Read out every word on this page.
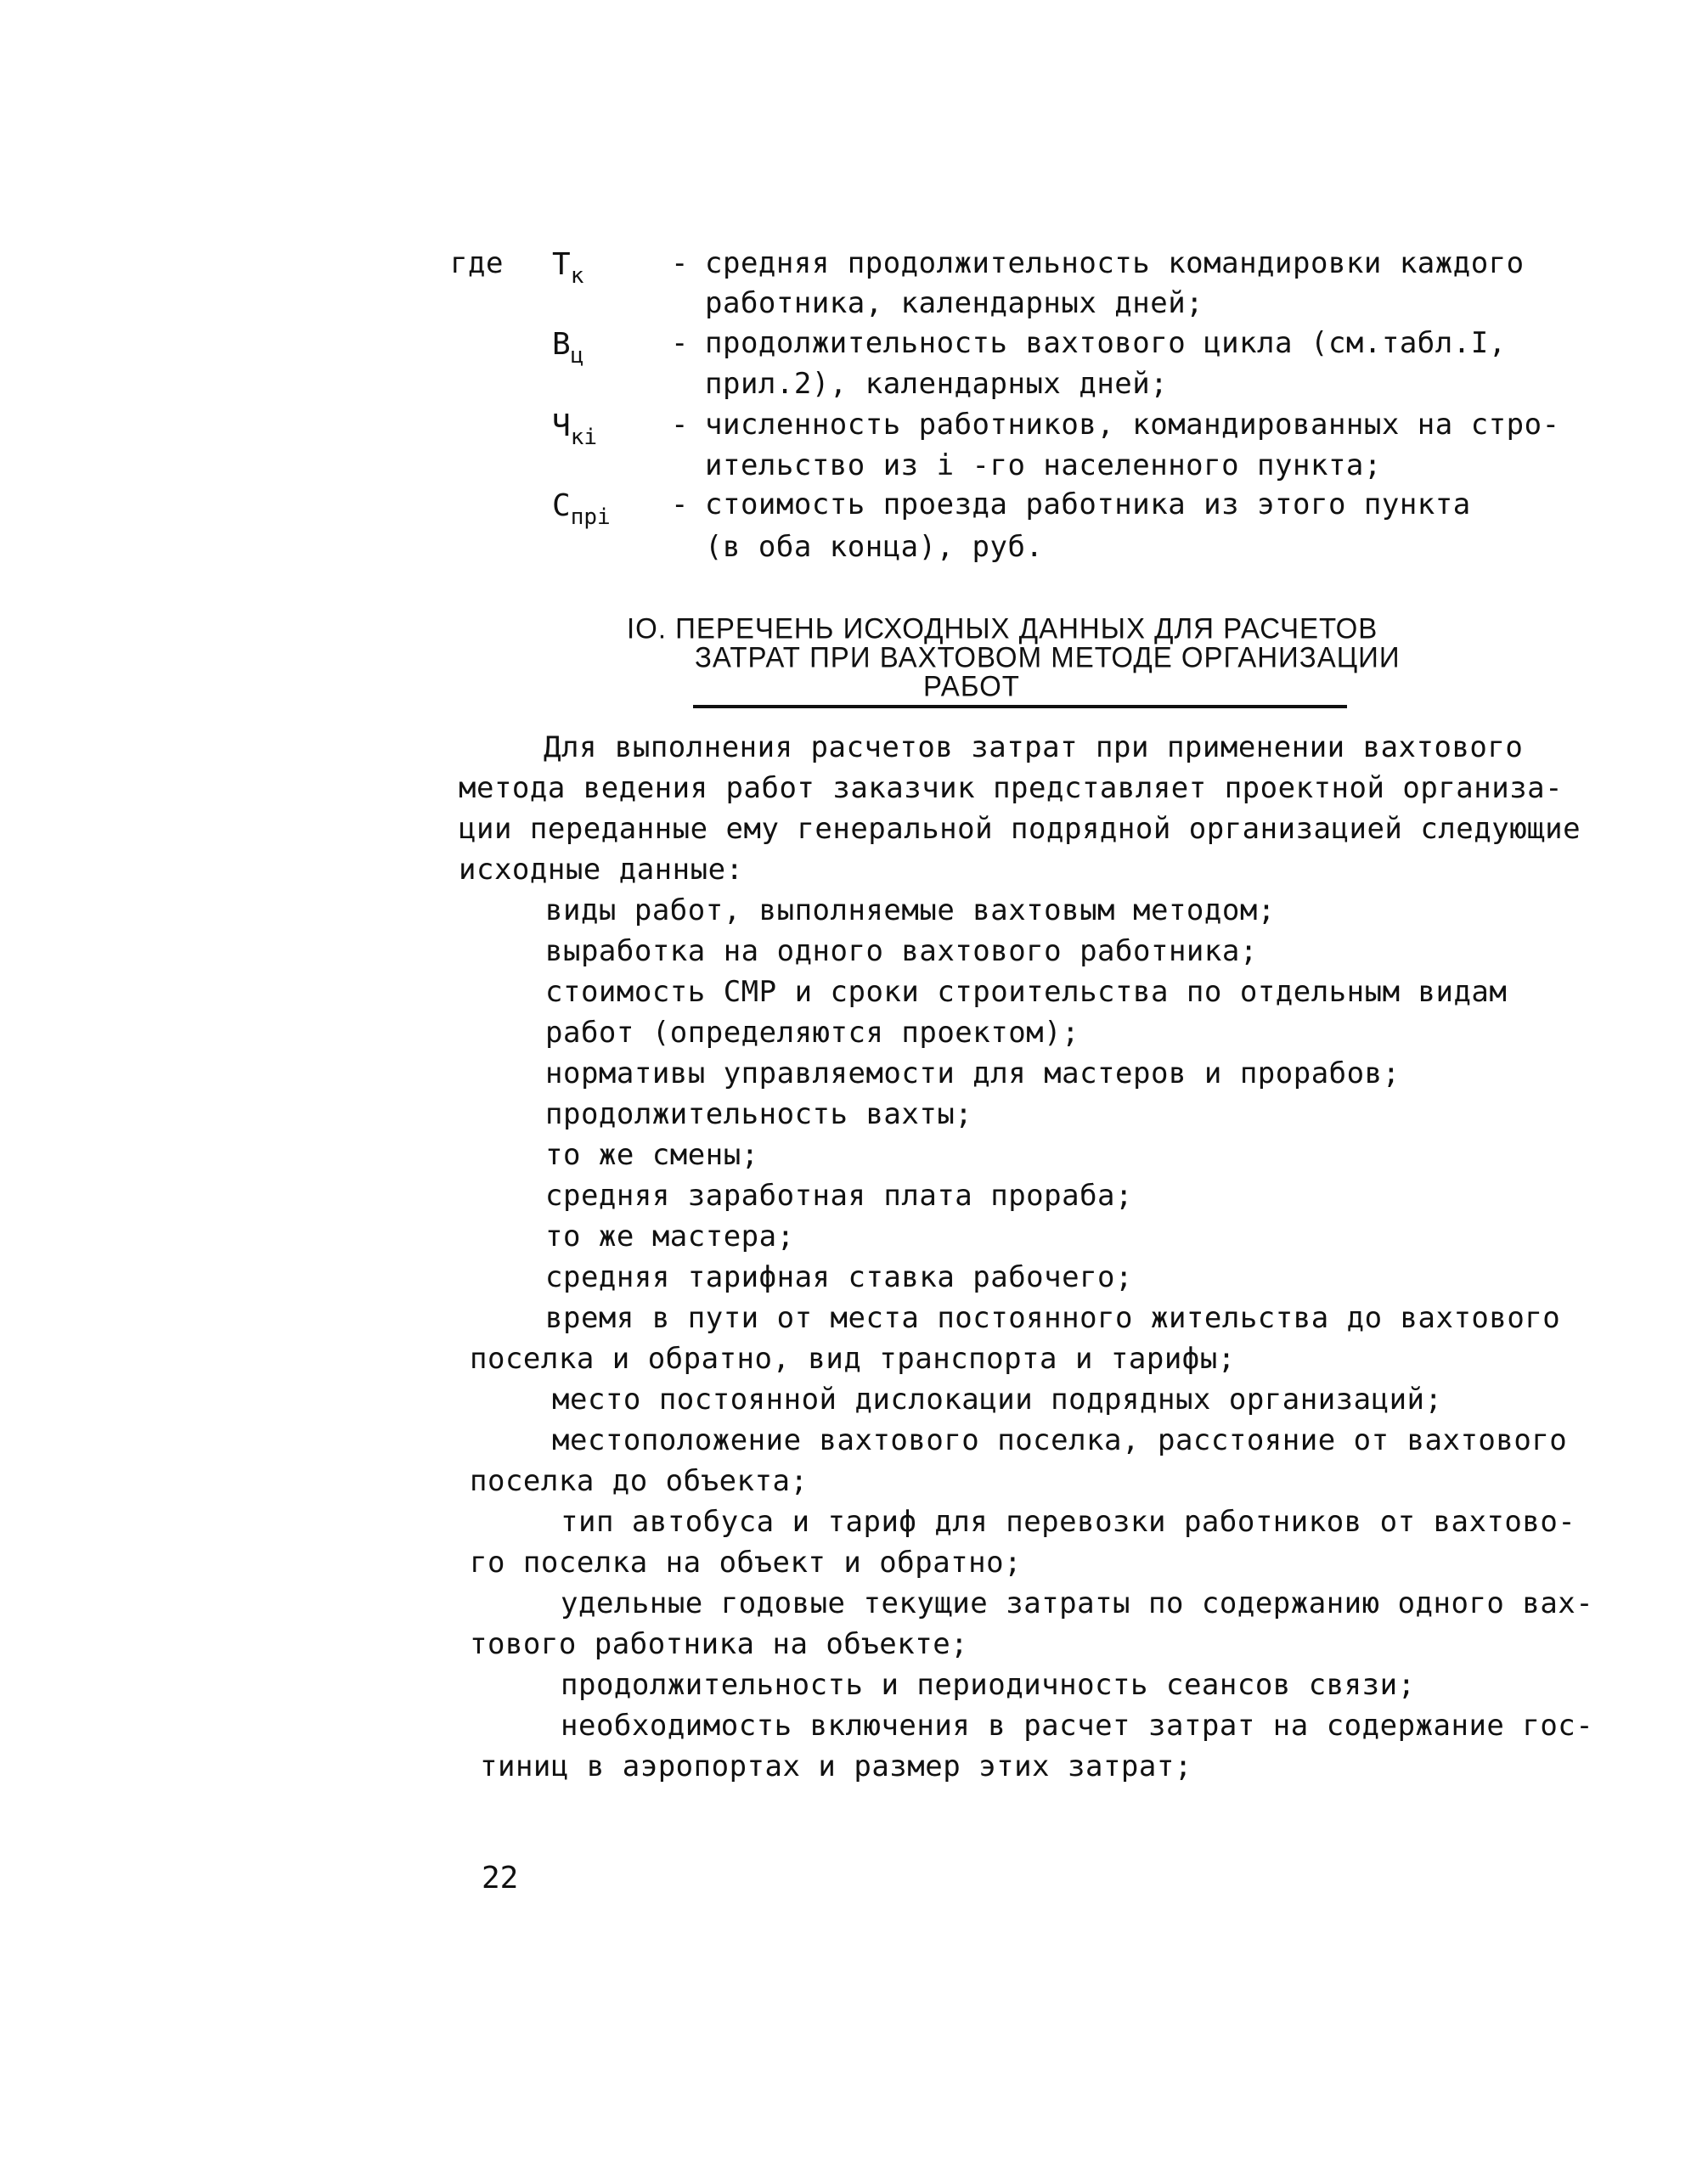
где $T_к$	- средняя продолжительность командировки каждого
работника, календарных дней;
$В_ц$	- продолжительность вахтового цикла (см.табл.I,
прил.2), календарных дней;
$Ч_{кi}$	- численность работников, командированных на стро-
ительство из i -го населенного пункта;
$С_{прi}$ - стоимость проезда работника из этого пункта
(в оба конца), руб.
IO. ПЕРЕЧЕНЬ ИСХОДНЫХ ДАННЫХ ДЛЯ РАСЧЕТОВ
ЗАТРАТ ПРИ ВАХТОВОМ МЕТОДЕ ОРГАНИЗАЦИИ
РАБОТ
Для выполнения расчетов затрат при применении вахтового
метода ведения работ заказчик представляет проектной организа-
ции переданные ему генеральной подрядной организацией следующие
исходные данные:
виды работ, выполняемые вахтовым методом;
выработка на одного вахтового работника;
стоимость СМР и сроки строительства по отдельным видам
работ (определяются проектом);
нормативы управляемости для мастеров и прорабов;
продолжительность вахты;
то же смены;
средняя заработная плата прораба;
то же мастера;
средняя тарифная ставка рабочего;
время в пути от места постоянного жительства до вахтового
поселка и обратно, вид транспорта и тарифы;
место постоянной дислокации подрядных организаций;
местоположение вахтового поселка, расстояние от вахтового
поселка до объекта;
тип автобуса и тариф для перевозки работников от вахтово-
го поселка на объект и обратно;
удельные годовые текущие затраты по содержанию одного вах-
тового работника на объекте;
продолжительность и периодичность сеансов связи;
необходимость включения в расчет затрат на содержание гос-
тиниц в аэропортах и размер этих затрат;
22
